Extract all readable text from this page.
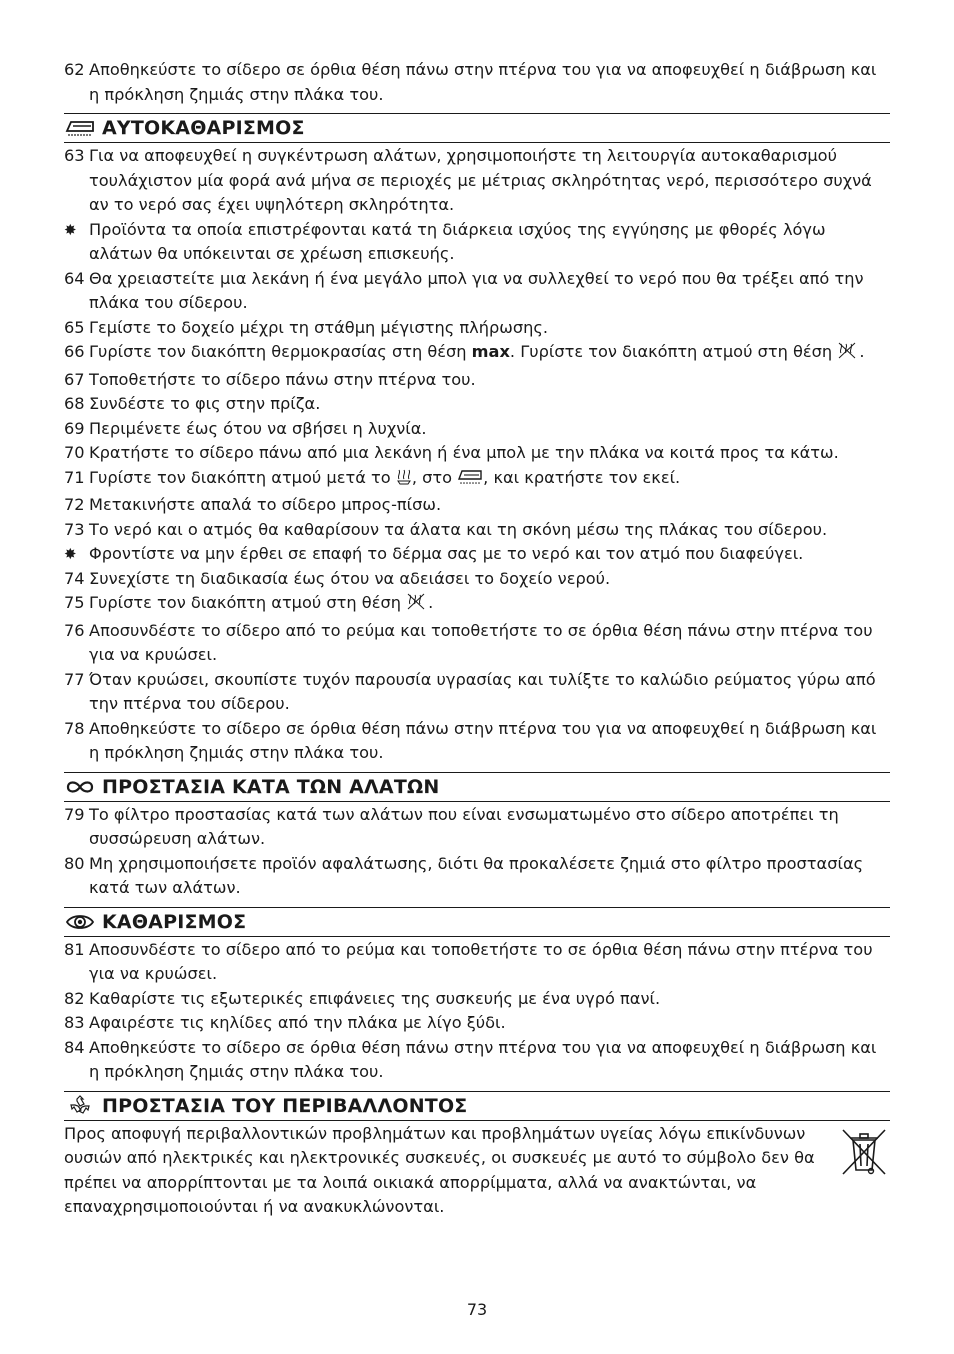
62 Αποθηκεύστε το σίδερο σε όρθια θέση πάνω στην πτέρνα του για να αποφευχθεί η διάβρωση και η πρόκληση ζημιάς στην πλάκα του.

ΑΥΤΟΚΑΘΑΡΙΣΜΟΣ

63 Για να αποφευχθεί η συγκέντρωση αλάτων, χρησιμοποιήστε τη λειτουργία αυτοκαθαρισμού τουλάχιστον μία φορά ανά μήνα σε περιοχές με μέτριας σκληρότητας νερό, περισσότερο συχνά αν το νερό σας έχει υψηλότερη σκληρότητα.

✸ Προϊόντα τα οποία επιστρέφονται κατά τη διάρκεια ισχύος της εγγύησης με φθορές λόγω αλάτων θα υπόκεινται σε χρέωση επισκευής.

64 Θα χρειαστείτε μια λεκάνη ή ένα μεγάλο μπολ για να συλλεχθεί το νερό που θα τρέξει από την πλάκα του σίδερου.

65 Γεμίστε το δοχείο μέχρι τη στάθμη μέγιστης πλήρωσης.

66 Γυρίστε τον διακόπτη θερμοκρασίας στη θέση max. Γυρίστε τον διακόπτη ατμού στη θέση .

67 Τοποθετήστε το σίδερο πάνω στην πτέρνα του.

68 Συνδέστε το φις στην πρίζα.

69 Περιμένετε έως ότου να σβήσει η λυχνία.

70 Κρατήστε το σίδερο πάνω από μια λεκάνη ή ένα μπολ με την πλάκα να κοιτά προς τα κάτω.

71 Γυρίστε τον διακόπτη ατμού μετά το , στο , και κρατήστε τον εκεί.

72 Μετακινήστε απαλά το σίδερο μπρος-πίσω.

73 Το νερό και ο ατμός θα καθαρίσουν τα άλατα και τη σκόνη μέσω της πλάκας του σίδερου.

✸ Φροντίστε να μην έρθει σε επαφή το δέρμα σας με το νερό και τον ατμό που διαφεύγει.

74 Συνεχίστε τη διαδικασία έως ότου να αδειάσει το δοχείο νερού.

75 Γυρίστε τον διακόπτη ατμού στη θέση .

76 Αποσυνδέστε το σίδερο από το ρεύμα και τοποθετήστε το σε όρθια θέση πάνω στην πτέρνα του για να κρυώσει.

77 Όταν κρυώσει, σκουπίστε τυχόν παρουσία υγρασίας και τυλίξτε το καλώδιο ρεύματος γύρω από την πτέρνα του σίδερου.

78 Αποθηκεύστε το σίδερο σε όρθια θέση πάνω στην πτέρνα του για να αποφευχθεί η διάβρωση και η πρόκληση ζημιάς στην πλάκα του.

ΠΡΟΣΤΑΣΙΑ ΚΑΤΑ ΤΩΝ ΑΛΑΤΩΝ

79 Το φίλτρο προστασίας κατά των αλάτων που είναι ενσωματωμένο στο σίδερο αποτρέπει τη συσσώρευση αλάτων.

80 Μη χρησιμοποιήσετε προϊόν αφαλάτωσης, διότι θα προκαλέσετε ζημιά στο φίλτρο προστασίας κατά των αλάτων.

ΚΑΘΑΡΙΣΜΟΣ

81 Αποσυνδέστε το σίδερο από το ρεύμα και τοποθετήστε το σε όρθια θέση πάνω στην πτέρνα του για να κρυώσει.

82 Καθαρίστε τις εξωτερικές επιφάνειες της συσκευής με ένα υγρό πανί.

83 Αφαιρέστε τις κηλίδες από την πλάκα με λίγο ξύδι.

84 Αποθηκεύστε το σίδερο σε όρθια θέση πάνω στην πτέρνα του για να αποφευχθεί η διάβρωση και η πρόκληση ζημιάς στην πλάκα του.

ΠΡΟΣΤΑΣΙΑ ΤΟΥ ΠΕΡΙΒΑΛΛΟΝΤΟΣ

Προς αποφυγή περιβαλλοντικών προβλημάτων και προβλημάτων υγείας λόγω επικίνδυνων ουσιών από ηλεκτρικές και ηλεκτρονικές συσκευές, οι συσκευές με αυτό το σύμβολο δεν θα πρέπει να απορρίπτονται με τα λοιπά οικιακά απορρίμματα, αλλά να ανακτώνται, να επαναχρησιμοποιούνται ή να ανακυκλώνονται.

73
